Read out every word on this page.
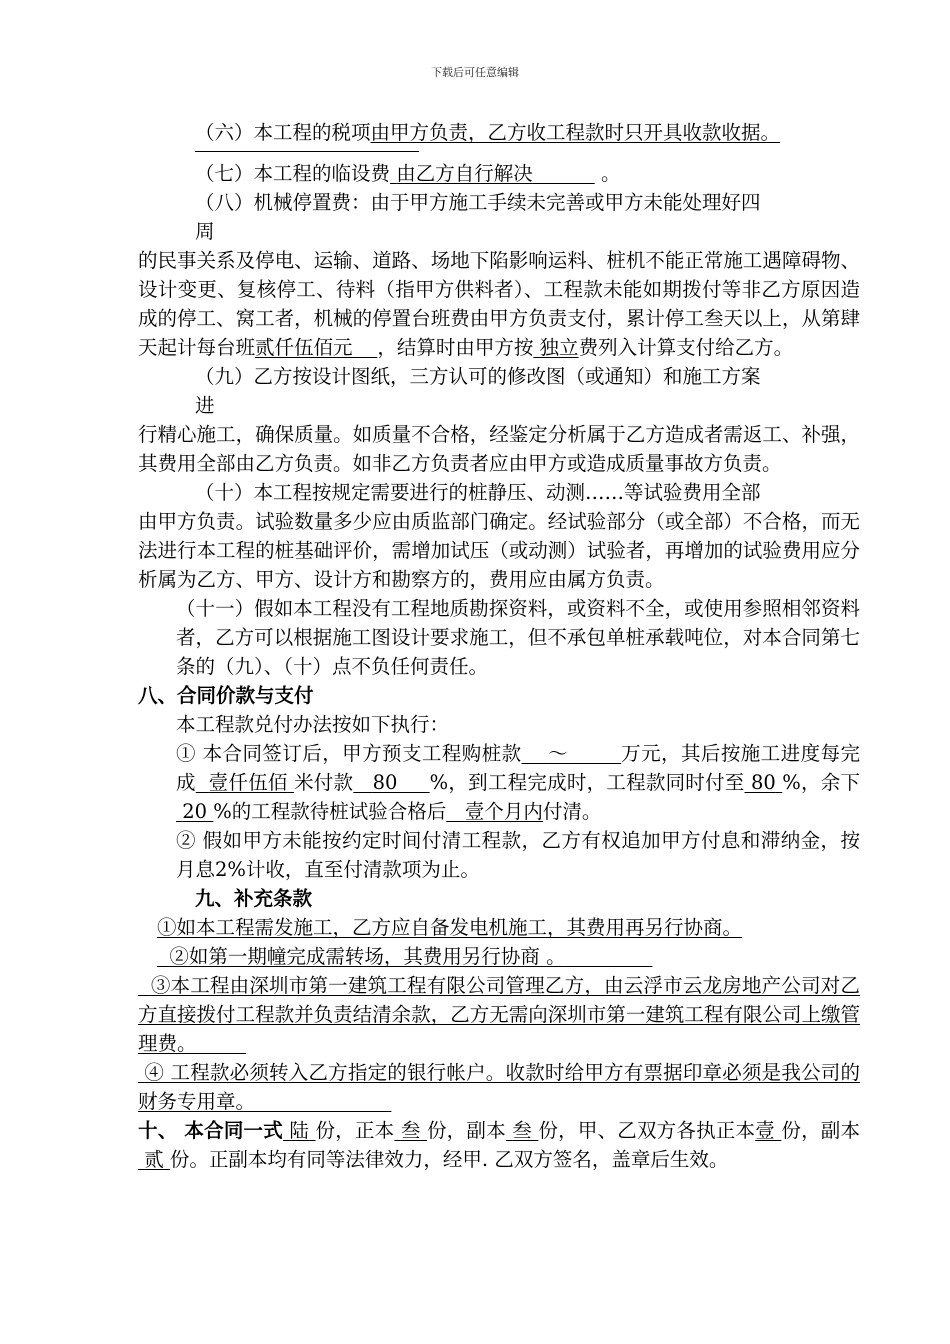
下载后可任意编辑

（六）本工程的税项由甲方负责，乙方收工程款时只开具收款收据。

（七）本工程的临设费 由乙方自行解决	。

（八）机械停置费：由于甲方施工手续未完善或甲方未能处理好四

周

的民事关系及停电、运输、道路、场地下陷影响运料、桩机不能正常施工遇障碍物、设计变更、复核停工、待料（指甲方供料者）、工程款未能如期拨付等非乙方原因造成的停工、窝工者，机械的停置台班费由甲方负责支付，累计停工叁天以上，从第肆天起计每台班贰仟伍佰元 ，结算时由甲方按 独立费列入计算支付给乙方。

（九）乙方按设计图纸，三方认可的修改图（或通知）和施工方案

进

行精心施工，确保质量。如质量不合格，经鉴定分析属于乙方造成者需返工、补强，其费用全部由乙方负责。如非乙方负责者应由甲方或造成质量事故方负责。

（十）本工程按规定需要进行的桩静压、动测……等试验费用全部

由甲方负责。试验数量多少应由质监部门确定。经试验部分（或全部）不合格，而无法进行本工程的桩基础评价，需增加试压（或动测）试验者，再增加的试验费用应分析属为乙方、甲方、设计方和勘察方的，费用应由属方负责。

（十一）假如本工程没有工程地质勘探资料，或资料不全，或使用参照相邻资料者，乙方可以根据施工图设计要求施工，但不承包单桩承载吨位，对本合同第七条的（九）、（十）点不负任何责任。

八、合同价款与支付

本工程款兑付办法按如下执行：

① 本合同签订后，甲方预支工程购桩款 ～	万元，其后按施工进度每完成 壹仟伍佰 米付款 80 %，到工程完成时，工程款同时付至 80 %，余下 20 %的工程款待桩试验合格后 壹个月内付清。

② 假如甲方未能按约定时间付清工程款，乙方有权追加甲方付息和滞纳金，按月息2%计收，直至付清款项为止。

九、补充条款

①如本工程需发施工，乙方应自备发电机施工，其费用再另行协商。

②如第一期幢完成需转场，其费用另行协商 。

③本工程由深圳市第一建筑工程有限公司管理乙方，由云浮市云龙房地产公司对乙方直接拨付工程款并负责结清余款，乙方无需向深圳市第一建筑工程有限公司上缴管理费。

④ 工程款必须转入乙方指定的银行帐户。收款时给甲方有票据印章必须是我公司的财务专用章。

十、 本合同一式 陆 份，正本 叁 份，副本 叁 份，甲、乙双方各执正本壹 份，副本 贰 份。正副本均有同等法律效力，经甲. 乙双方签名，盖章后生效。
